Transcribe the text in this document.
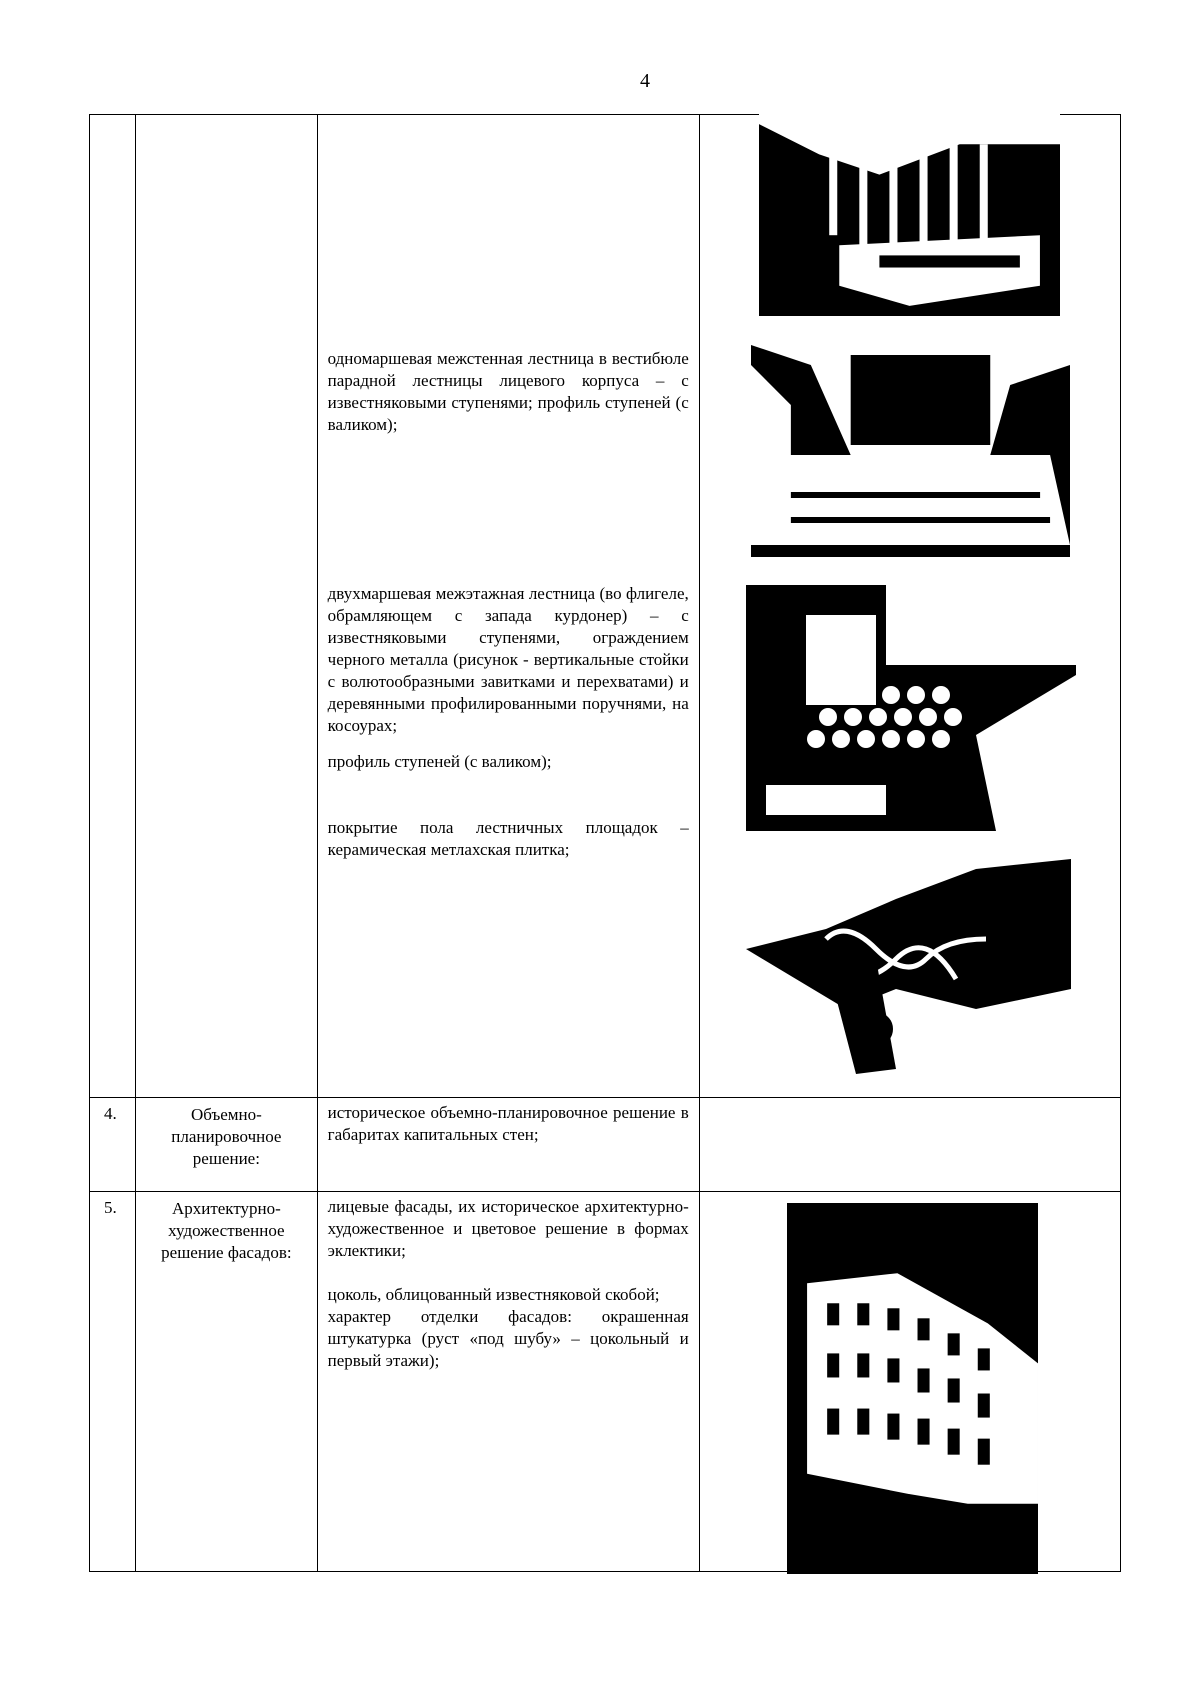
4

		одномаршевая межстенная лестница в вестибюле парадной лестницы лицевого корпуса – с известняковыми ступенями; профиль ступеней (с валиком);

двухмаршевая межэтажная лестница (во флигеле, обрамляющем с запада курдонер) – с известняковыми ступенями, ограждением черного металла (рисунок - вертикальные стойки с волютообразными завитками и перехватами) и деревянными профилированными поручнями, на косоурах;

профиль ступеней (с валиком);

покрытие пола лестничных площадок – керамическая метлахская плитка;	

4.	Объемно-планировочное решение:	историческое объемно-планировочное решение в габаритах капитальных стен;	

5.	Архитектурно-художественное решение фасадов:	лицевые фасады, их историческое архитектурно-художественное и цветовое решение в формах эклектики;

цоколь, облицованный известняковой скобой;

характер отделки фасадов: окрашенная штукатурка (руст «под шубу» – цокольный и первый этажи);	
